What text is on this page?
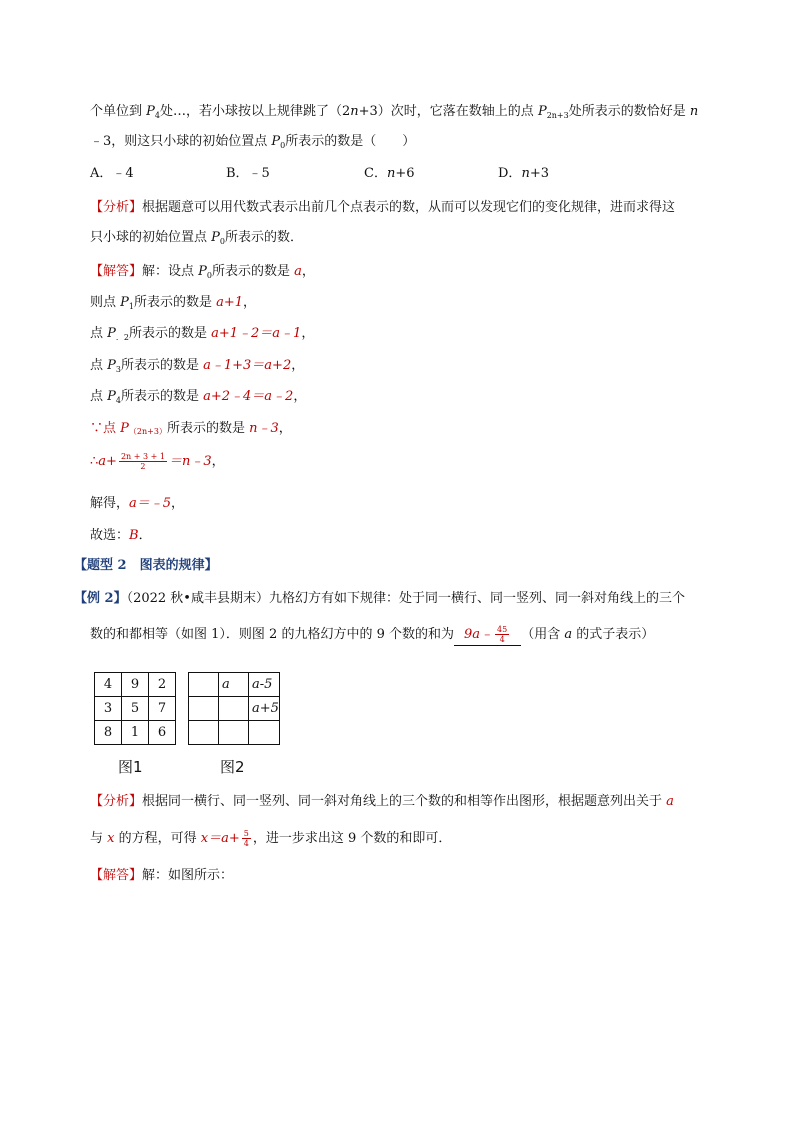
个单位到 $P_4$处…，若小球按以上规律跳了（2n+3）次时，它落在数轴上的点 $P_{2n+3}$处所表示的数恰好是 n
﹣3，则这只小球的初始位置点 $P_0$所表示的数是（　　）
A．﹣4	B．﹣5	C．n+6	D．n+3
【分析】根据题意可以用代数式表示出前几个点表示的数，从而可以发现它们的变化规律，进而求得这
只小球的初始位置点 $P_0$所表示的数．
【解答】解：设点 $P_0$所表示的数是 a，
则点 $P_1$所表示的数是 a+1，
点 $P_{.2}$所表示的数是 a+1﹣2＝a﹣1，
点 $P_3$所表示的数是 a﹣1+3＝a+2，
点 $P_4$所表示的数是 a+2﹣4＝a﹣2，
∵点 P（2n+3）所表示的数是 n﹣3，
∴a+ $\frac{2n + 3 + 1}{2}$ ＝n﹣3，
解得，a＝﹣5，
故选：B．
【题型 2　图表的规律】
【例 2】（2022 秋•咸丰县期末）九格幻方有如下规律：处于同一横行、同一竖列、同一斜对角线上的三个
数的和都相等（如图 1）．则图 2 的九格幻方中的 9 个数的和为 9a﹣ $\frac{45}{4}$ （用含 a 的式子表示）
4	9	2
3	5	7
8	1	6
图1
	a	a-5
		a+5

图2
【分析】根据同一横行、同一竖列、同一斜对角线上的三个数的和相等作出图形，根据题意列出关于 a
与 x 的方程，可得 $x=a+ \frac{5}{4}$ ，进一步求出这 9 个数的和即可．
【解答】解：如图所示：
